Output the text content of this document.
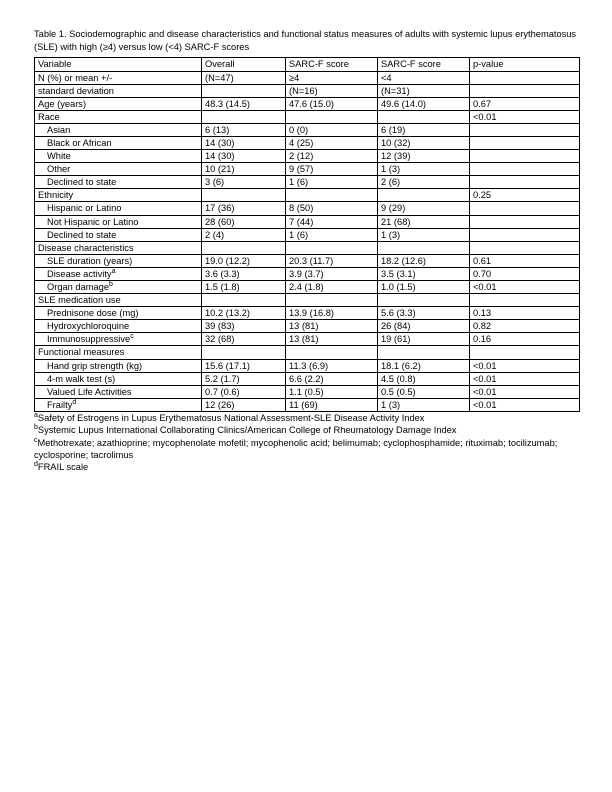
Table 1. Sociodemographic and disease characteristics and functional status measures of adults with systemic lupus erythematosus (SLE) with high (≥4) versus low (<4) SARC-F scores
Variable	Overall	SARC-F score	SARC-F score	p-value
N (%) or mean +/-	(N=47)	≥4	<4	
standard deviation		(N=16)	(N=31)	
Age (years)	48.3 (14.5)	47.6 (15.0)	49.6 (14.0)	0.67
Race				<0.01
Asian	6 (13)	0 (0)	6 (19)	
Black or African	14 (30)	4 (25)	10 (32)	
White	14 (30)	2 (12)	12 (39)	
Other	10 (21)	9 (57)	1 (3)	
Declined to state	3 (6)	1 (6)	2 (6)	
Ethnicity				0.25
Hispanic or Latino	17 (36)	8 (50)	9 (29)	
Not Hispanic or Latino	28 (60)	7 (44)	21 (68)	
Declined to state	2 (4)	1 (6)	1 (3)	
Disease characteristics				
SLE duration (years)	19.0 (12.2)	20.3 (11.7)	18.2 (12.6)	0.61
Disease activity$^a$	3.6 (3.3)	3.9 (3.7)	3.5 (3.1)	0.70
Organ damage$^b$	1.5 (1.8)	2.4 (1.8)	1.0 (1.5)	<0.01
SLE medication use				
Prednisone dose (mg)	10.2 (13.2)	13.9 (16.8)	5.6 (3.3)	0.13
Hydroxychloroquine	39 (83)	13 (81)	26 (84)	0.82
Immunosuppressive$^c$	32 (68)	13 (81)	19 (61)	0.16
Functional measures				
Hand grip strength (kg)	15.6 (17.1)	11.3 (6.9)	18.1 (6.2)	<0.01
4-m walk test (s)	5.2 (1.7)	6.6 (2.2)	4.5 (0.8)	<0.01
Valued Life Activities	0.7 (0.6)	1.1 (0.5)	0.5 (0.5)	<0.01
Frailty$^d$	12 (26)	11 (69)	1 (3)	<0.01
$^a$Safety of Estrogens in Lupus Erythematosus National Assessment-SLE Disease Activity Index
$^b$Systemic Lupus International Collaborating Clinics/American College of Rheumatology Damage Index
$^c$Methotrexate; azathioprine; mycophenolate mofetil; mycophenolic acid; belimumab; cyclophosphamide; rituximab; tocilizumab; cyclosporine; tacrolimus
$^d$FRAIL scale
